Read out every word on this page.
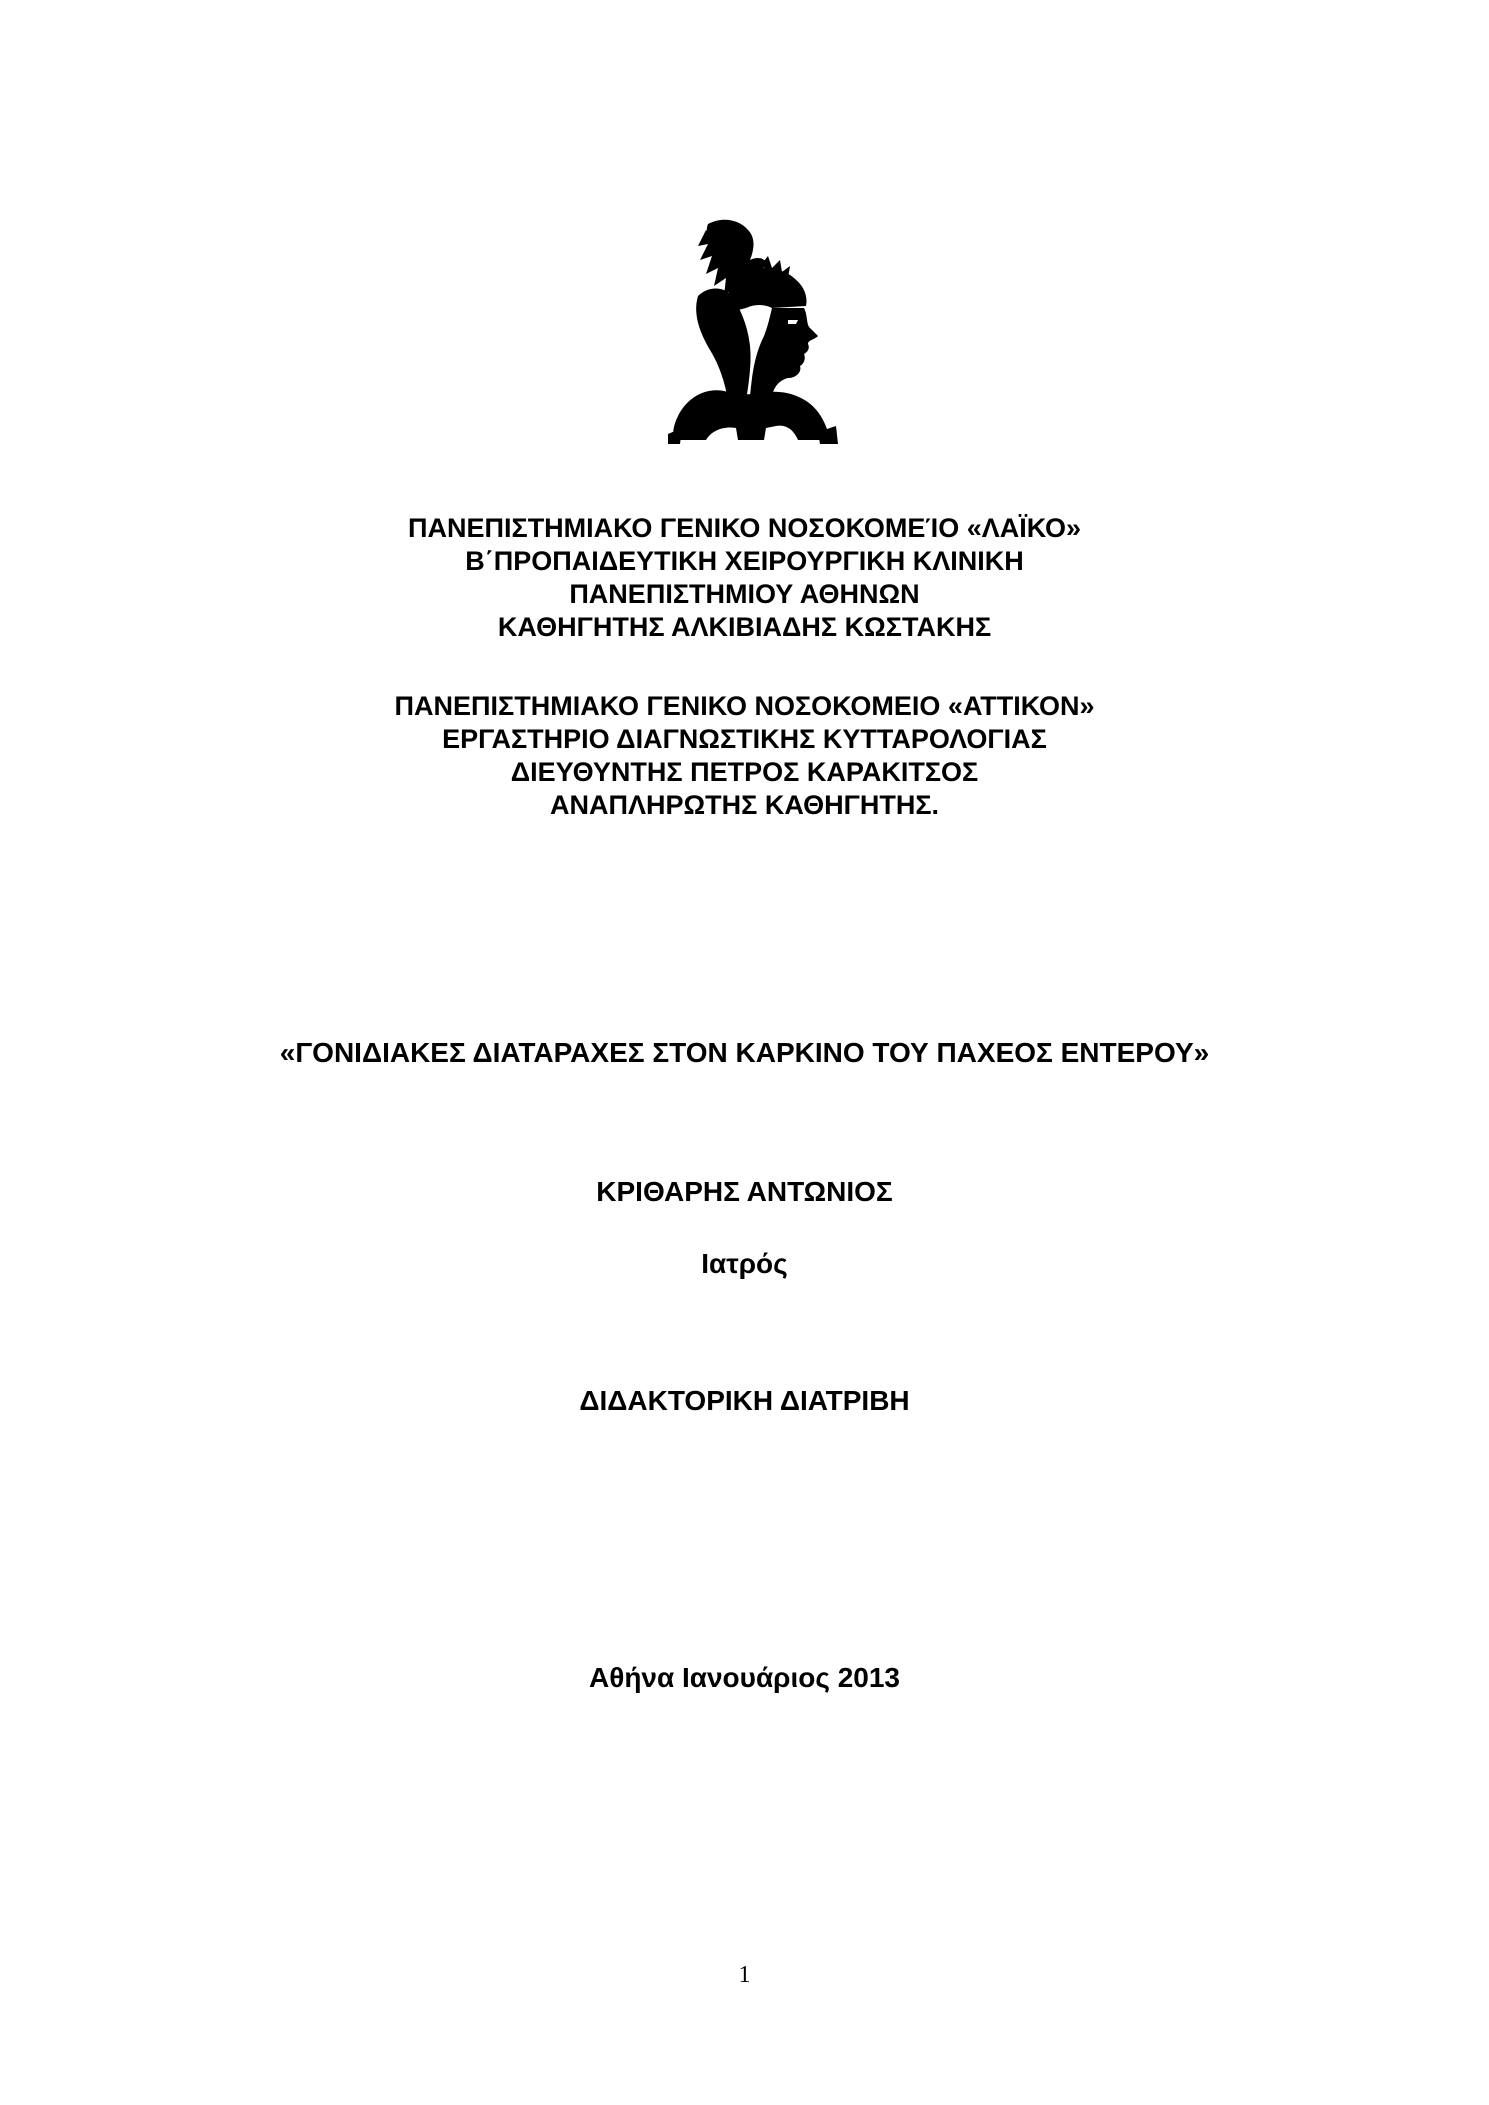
ΠΑΝΕΠΙΣΤΗΜΙΑΚΟ ΓΕΝΙΚΟ ΝΟΣΟΚΟΜΕΊΟ «ΛΑΪΚΟ»
Β΄ΠΡΟΠΑΙΔΕΥΤΙΚΗ ΧΕΙΡΟΥΡΓΙΚΗ ΚΛΙΝΙΚΗ
ΠΑΝΕΠΙΣΤΗΜΙΟΥ ΑΘΗΝΩΝ
ΚΑΘΗΓΗΤΗΣ ΑΛΚΙΒΙΑΔΗΣ ΚΩΣΤΑΚΗΣ
ΠΑΝΕΠΙΣΤΗΜΙΑΚΟ ΓΕΝΙΚΟ ΝΟΣΟΚΟΜΕΙΟ «ΑΤΤΙΚΟΝ»
ΕΡΓΑΣΤΗΡΙΟ ΔΙΑΓΝΩΣΤΙΚΗΣ ΚΥΤΤΑΡΟΛΟΓΙΑΣ
ΔΙΕΥΘΥΝΤΗΣ ΠΕΤΡΟΣ ΚΑΡΑΚΙΤΣΟΣ
ΑΝΑΠΛΗΡΩΤΗΣ ΚΑΘΗΓΗΤΗΣ.
«ΓΟΝΙΔΙΑΚΕΣ ΔΙΑΤΑΡΑΧΕΣ ΣΤΟΝ ΚΑΡΚΙΝΟ ΤΟΥ ΠΑΧΕΟΣ ΕΝΤΕΡΟΥ»
ΚΡΙΘΑΡΗΣ ΑΝΤΩΝΙΟΣ
Ιατρός
ΔΙΔΑΚΤΟΡΙΚΗ ΔΙΑΤΡΙΒΗ
Αθήνα Ιανουάριος 2013
1
